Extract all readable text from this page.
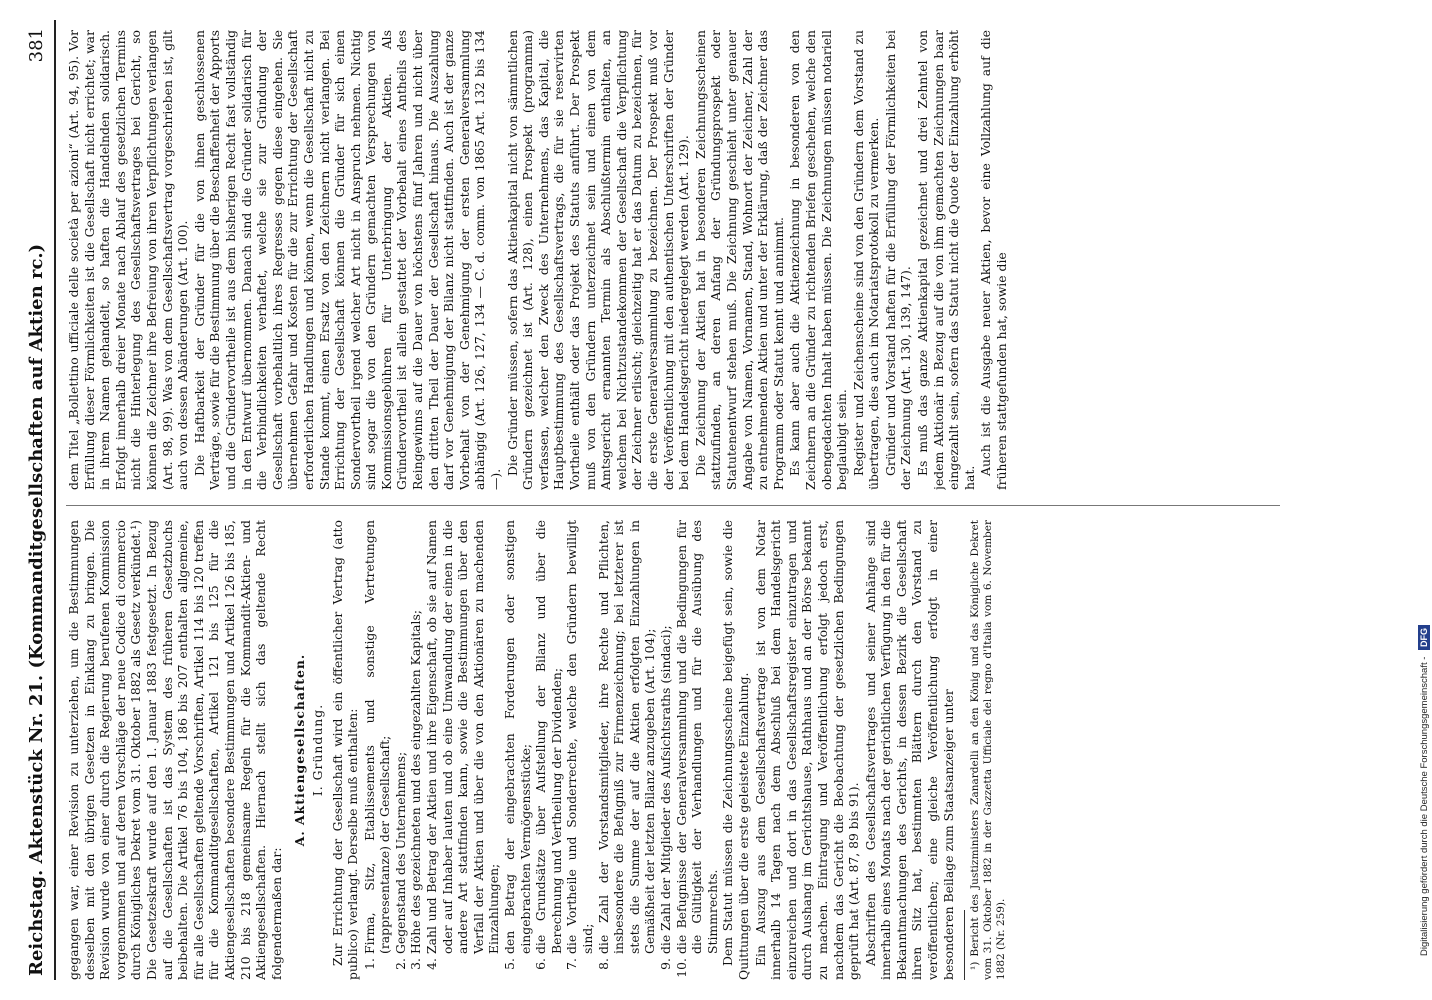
Reichstag. Aktenstück Nr. 21. (Kommanditgesellschaften auf Aktien rc.)
381

gegangen war, einer Revision zu unterziehen, um die Bestimmungen desselben mit den übrigen Gesetzen in Einklang zu bringen. Die Revision wurde von einer durch die Regierung berufenen Kommission vorgenommen und auf deren Vorschläge der neue Codice di commercio durch Königliches Dekret vom 31. Oktober 1882 als Gesetz verkündet.¹) Die Gesetzeskraft wurde auf den 1. Januar 1883 festgesetzt. In Bezug auf die Gesellschaften ist das System des früheren Gesetzbuchs beibehalten. Die Artikel 76 bis 104, 186 bis 207 enthalten allgemeine, für alle Gesellschaften geltende Vorschriften, Artikel 114 bis 120 treffen für die Kommanditgesellschaften, Artikel 121 bis 125 für die Aktiengesellschaften besondere Bestimmungen und Artikel 126 bis 185, 210 bis 218 gemeinsame Regeln für die Kommandit-Aktien- und Aktiengesellschaften. Hiernach stellt sich das geltende Recht folgendermaßen dar:

A. Aktiengesellschaften. I. Gründung. Zur Errichtung der Gesellschaft wird ein öffentlicher Vertrag (atto publico) verlangt. Derselbe muß enthalten: 1.
Firma, Sitz, Etablissements und sonstige Vertretungen (rappresentanze) der Gesellschaft;
2.
Gegenstand des Unternehmens;
3.
Höhe des gezeichneten und des eingezahlten Kapitals;
4.
Zahl und Betrag der Aktien und ihre Eigenschaft, ob sie auf Namen oder auf Inhaber lauten und ob eine Umwandlung der einen in die andere Art stattfinden kann, sowie die Bestimmungen über den Verfall der Aktien und über die von den Aktionären zu machenden Einzahlungen;
5.
den Betrag der eingebrachten Forderungen oder sonstigen eingebrachten Vermögensstücke;
6.
die Grundsätze über Aufstellung der Bilanz und über die Berechnung und Vertheilung der Dividenden;
7.
die Vortheile und Sonderrechte, welche den Gründern bewilligt sind;
8.
die Zahl der Vorstandsmitglieder, ihre Rechte und Pflichten, insbesondere die Befugniß zur Firmenzeichnung; bei letzterer ist stets die Summe der auf die Aktien erfolgten Einzahlungen in Gemäßheit der letzten Bilanz anzugeben (Art. 104);
9.
die Zahl der Mitglieder des Aufsichtsraths (sindaci);
10.
die Befugnisse der Generalversammlung und die Bedingungen für die Gültigkeit der Verhandlungen und für die Ausübung des Stimmrechts. Dem Statut müssen die Zeichnungsscheine beigefügt sein, sowie die Quittungen über die erste geleistete Einzahlung. Ein Auszug aus dem Gesellschaftsvertrage ist von dem Notar innerhalb 14 Tagen nach dem Abschluß bei dem Handelsgericht einzureichen und dort in das Gesellschaftsregister einzutragen und durch Aushang im Gerichtshause, Rathhaus und an der Börse bekannt zu machen. Eintragung und Veröffentlichung erfolgt jedoch erst, nachdem das Gericht die Beobachtung der gesetzlichen Bedingungen geprüft hat (Art. 87, 89 bis 91). Abschriften des Gesellschaftsvertrages und seiner Anhänge sind innerhalb eines Monats nach der gerichtlichen Verfügung in den für die Bekanntmachungen des Gerichts, in dessen Bezirk die Gesellschaft ihren Sitz hat, bestimmten Blättern durch den Vorstand zu veröffentlichen; eine gleiche Veröffentlichung erfolgt in einer besonderen Beilage zum Staatsanzeiger unter ¹) Bericht des Justizministers Zanardelli an den König und das Königliche Dekret vom 31. Oktober 1882 in der Gazzetta Ufficiale del regno d'Italia vom 6. November 1882 (Nr. 259).

dem Titel „Bollettino ufficiale delle società per azioni“ (Art. 94, 95). Vor Erfüllung dieser Förmlichkeiten ist die Gesellschaft nicht errichtet; war in ihrem Namen gehandelt, so haften die Handelnden solidarisch. Erfolgt innerhalb dreier Monate nach Ablauf des gesetzlichen Termins nicht die Hinterlegung des Gesellschaftsvertrages bei Gericht, so können die Zeichner ihre Befreiung von ihren Verpflichtungen verlangen (Art. 98, 99). Was von dem Gesellschaftsvertrag vorgeschrieben ist, gilt auch von dessen Abänderungen (Art. 100). Die Haftbarkeit der Gründer für die von ihnen geschlossenen Verträge, sowie für die Bestimmung über die Beschaffenheit der Apports und die Gründervortheile ist aus dem bisherigen Recht fast vollständig in den Entwurf übernommen. Danach sind die Gründer solidarisch für die Verbindlichkeiten verhaftet, welche sie zur Gründung der Gesellschaft vorbehaltlich ihres Regresses gegen diese eingehen. Sie übernehmen Gefahr und Kosten für die zur Errichtung der Gesellschaft erforderlichen Handlungen und können, wenn die Gesellschaft nicht zu Stande kommt, einen Ersatz von den Zeichnern nicht verlangen. Bei Errichtung der Gesellschaft können die Gründer für sich einen Sondervortheil irgend welcher Art nicht in Anspruch nehmen. Nichtig sind sogar die von den Gründern gemachten Versprechungen von Kommissionsgebühren für Unterbringung der Aktien. Als Gründervortheil ist allein gestattet der Vorbehalt eines Antheils des Reingewinns auf die Dauer von höchstens fünf Jahren und nicht über den dritten Theil der Dauer der Gesellschaft hinaus. Die Auszahlung darf vor Genehmigung der Bilanz nicht stattfinden. Auch ist der ganze Vorbehalt von der Genehmigung der ersten Generalversammlung abhängig (Art. 126, 127, 134 — C. d. comm. von 1865 Art. 132 bis 134 —).

Die Gründer müssen, sofern das Aktienkapital nicht von sämmtlichen Gründern gezeichnet ist (Art. 128), einen Prospekt (programma) verfassen, welcher den Zweck des Unternehmens, das Kapital, die Hauptbestimmung des Gesellschaftsvertrags, die für sie reservirten Vortheile enthält oder das Projekt des Statuts anführt. Der Prospekt muß von den Gründern unterzeichnet sein und einen von dem Amtsgericht ernannten Termin als Abschlußtermin enthalten, an welchem bei Nichtzustandekommen der Gesellschaft die Verpflichtung der Zeichner erlischt; gleichzeitig hat er das Datum zu bezeichnen, für die erste Generalversammlung zu bezeichnen. Der Prospekt muß vor der Veröffentlichung mit den authentischen Unterschriften der Gründer bei dem Handelsgericht niedergelegt werden (Art. 129). Die Zeichnung der Aktien hat in besonderen Zeichnungsscheinen stattzufinden, an deren Anfang der Gründungsprospekt oder Statutenentwurf stehen muß. Die Zeichnung geschieht unter genauer Angabe von Namen, Vornamen, Stand, Wohnort der Zeichner, Zahl der zu entnehmenden Aktien und unter der Erklärung, daß der Zeichner das Programm oder Statut kennt und annimmt. Es kann aber auch die Aktienzeichnung in besonderen von den Zeichnern an die Gründer zu richtenden Briefen geschehen, welche den obengedachten Inhalt haben müssen. Die Zeichnungen müssen notariell beglaubigt sein. Register und Zeichenscheine sind von den Gründern dem Vorstand zu übertragen, dies auch im Notariatsprotokoll zu vermerken. Gründer und Vorstand haften für die Erfüllung der Förmlichkeiten bei der Zeichnung (Art. 130, 139, 147). Es muß das ganze Aktienkapital gezeichnet und drei Zehntel von jedem Aktionär in Bezug auf die von ihm gemachten Zeichnungen baar eingezahlt sein, sofern das Statut nicht die Quote der Einzahlung erhöht hat.

Auch ist die Ausgabe neuer Aktien, bevor eine Vollzahlung auf die früheren stattgefunden hat, sowie die

Digitalisierung gefördert durch die Deutsche Forschungsgemeinschaft - DFG
